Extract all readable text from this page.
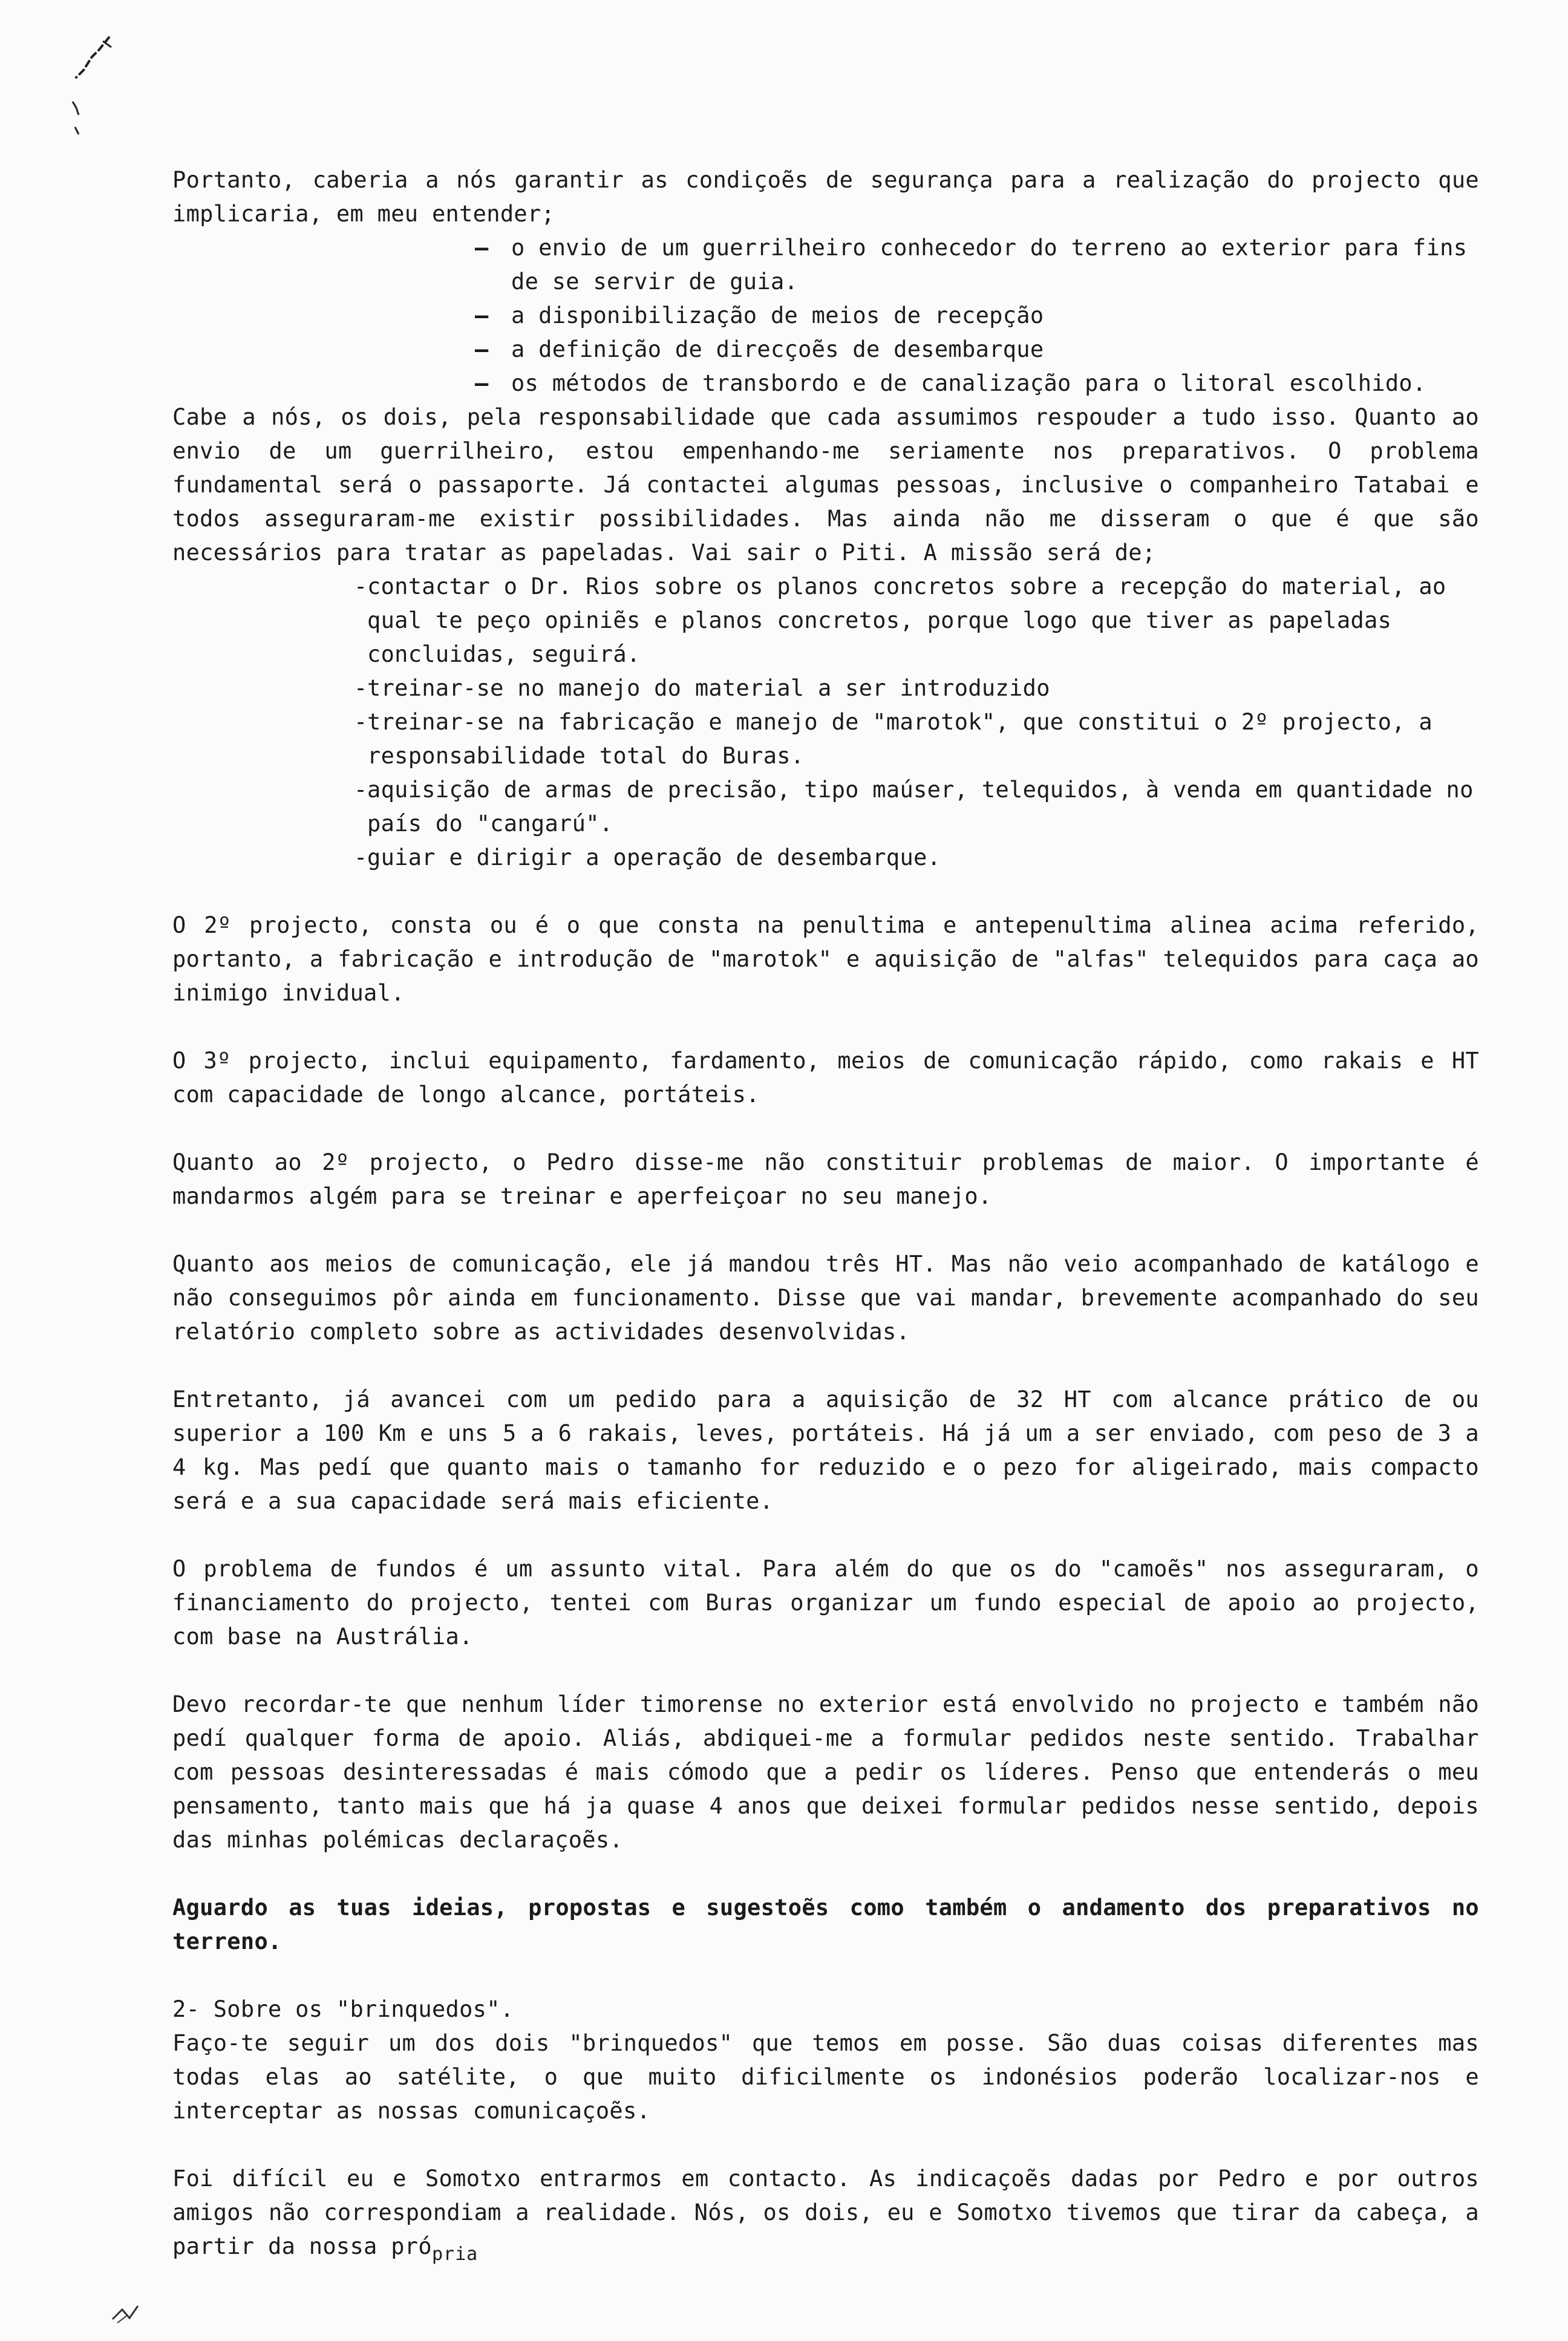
Portanto, caberia a nós garantir as condiçoẽs de segurança para a realização do projecto que implicaria, em meu entender;

– o envio de um guerrilheiro conhecedor do terreno ao exterior para fins de se servir de guia.
– a disponibilização de meios de recepção
– a definição de direcçoẽs de desembarque
– os métodos de transbordo e de canalização para o litoral escolhido.

Cabe a nós, os dois, pela responsabilidade que cada assumimos respouder a tudo isso. Quanto ao envio de um guerrilheiro, estou empenhando-me seriamente nos preparativos. O problema fundamental será o passaporte. Já contactei algumas pessoas, inclusive o companheiro Tatabai e todos asseguraram-me existir possibilidades. Mas ainda não me disseram o que é que são necessários para tratar as papeladas. Vai sair o Piti. A missão será de;

- contactar o Dr. Rios sobre os planos concretos sobre a recepção do material, ao qual te peço opiniẽs e planos concretos, porque logo que tiver as papeladas concluidas, seguirá.
- treinar-se no manejo do material a ser introduzido
- treinar-se na fabricação e manejo de "marotok", que constitui o 2º projecto, a responsabilidade total do Buras.
- aquisição de armas de precisão, tipo maúser, telequidos, à venda em quantidade no país do "cangarú".
- guiar e dirigir a operação de desembarque.

O 2º projecto, consta ou é o que consta na penultima e antepenultima alinea acima referido, portanto, a fabricação e introdução de "marotok" e aquisição de "alfas" telequidos para caça ao inimigo invidual.

O 3º projecto, inclui equipamento, fardamento, meios de comunicação rápido, como rakais e HT com capacidade de longo alcance, portáteis.

Quanto ao 2º projecto, o Pedro disse-me não constituir problemas de maior. O importante é mandarmos algém para se treinar e aperfeiçoar no seu manejo.

Quanto aos meios de comunicação, ele já mandou três HT. Mas não veio acompanhado de katálogo e não conseguimos pôr ainda em funcionamento. Disse que vai mandar, brevemente acompanhado do seu relatório completo sobre as actividades desenvolvidas.

Entretanto, já avancei com um pedido para a aquisição de 32 HT com alcance prático de ou superior a 100 Km e uns 5 a 6 rakais, leves, portáteis. Há já um a ser enviado, com peso de 3 a 4 kg. Mas pedí que quanto mais o tamanho for reduzido e o pezo for aligeirado, mais compacto será e a sua capacidade será mais eficiente.

O problema de fundos é um assunto vital. Para além do que os do "camoẽs" nos asseguraram, o financiamento do projecto, tentei com Buras organizar um fundo especial de apoio ao projecto, com base na Austrália.

Devo recordar-te que nenhum líder timorense no exterior está envolvido no projecto e também não pedí qualquer forma de apoio. Aliás, abdiquei-me a formular pedidos neste sentido. Trabalhar com pessoas desinteressadas é mais cómodo que a pedir os líderes. Penso que entenderás o meu pensamento, tanto mais que há ja quase 4 anos que deixei formular pedidos nesse sentido, depois das minhas polémicas declaraçoẽs.

Aguardo as tuas ideias, propostas e sugestoẽs como também o andamento dos preparativos no terreno.

2- Sobre os "brinquedos".

Faço-te seguir um dos dois "brinquedos" que temos em posse. São duas coisas diferentes mas todas elas ao satélite, o que muito dificilmente os indonésios poderão localizar-nos e interceptar as nossas comunicaçoẽs.

Foi difícil eu e Somotxo entrarmos em contacto. As indicaçoẽs dadas por Pedro e por outros amigos não correspondiam a realidade. Nós, os dois, eu e Somotxo tivemos que tirar da cabeça, a partir da nossa pró$_{pria}$
